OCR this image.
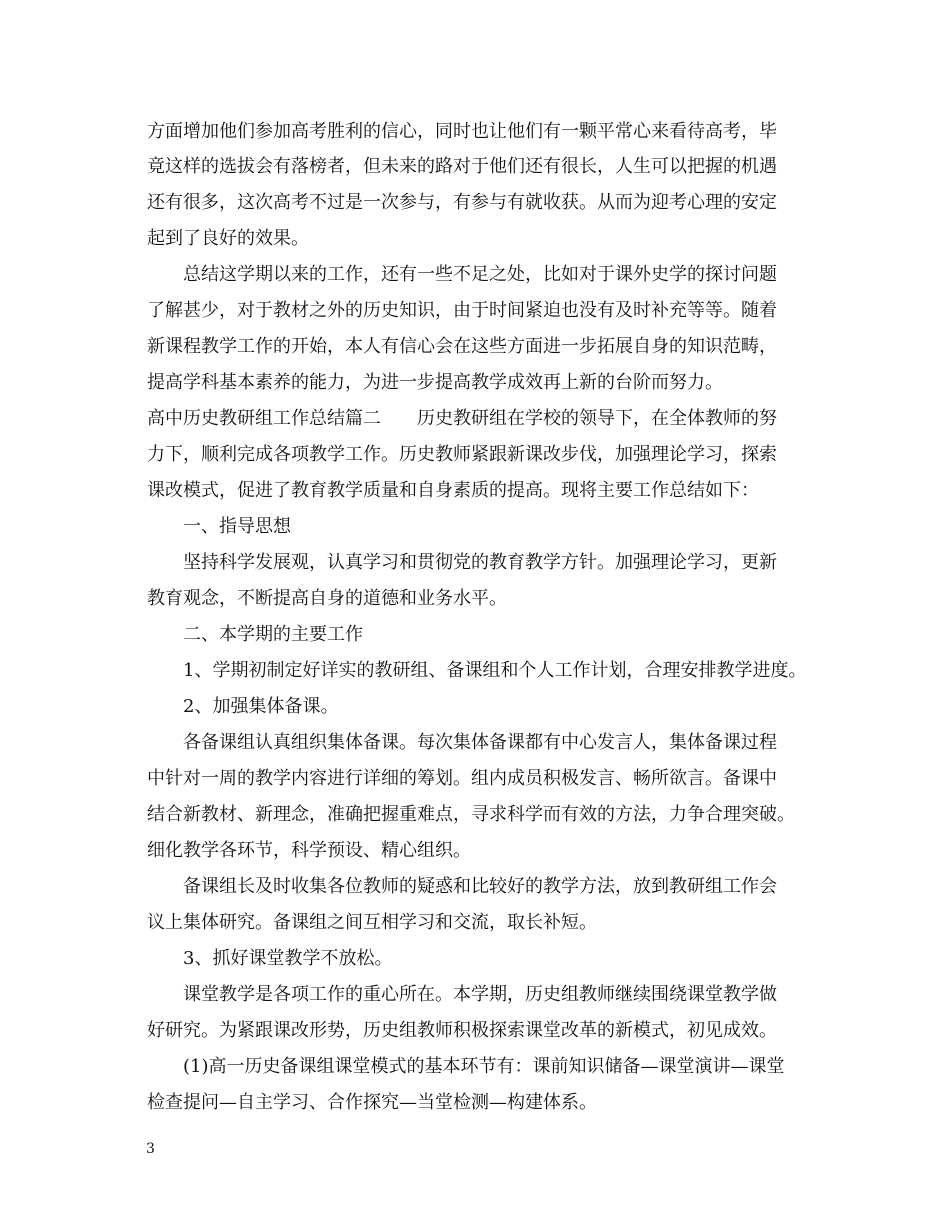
方面增加他们参加高考胜利的信心，同时也让他们有一颗平常心来看待高考，毕
竟这样的选拔会有落榜者，但未来的路对于他们还有很长，人生可以把握的机遇
还有很多，这次高考不过是一次参与，有参与有就收获。从而为迎考心理的安定
起到了良好的效果。
总结这学期以来的工作，还有一些不足之处，比如对于课外史学的探讨问题
了解甚少，对于教材之外的历史知识，由于时间紧迫也没有及时补充等等。随着
新课程教学工作的开始，本人有信心会在这些方面进一步拓展自身的知识范畴，
提高学科基本素养的能力，为进一步提高教学成效再上新的台阶而努力。
高中历史教研组工作总结篇二　　历史教研组在学校的领导下，在全体教师的努
力下，顺利完成各项教学工作。历史教师紧跟新课改步伐，加强理论学习，探索
课改模式，促进了教育教学质量和自身素质的提高。现将主要工作总结如下：
一、指导思想
坚持科学发展观，认真学习和贯彻党的教育教学方针。加强理论学习，更新
教育观念，不断提高自身的道德和业务水平。
二、本学期的主要工作
1、学期初制定好详实的教研组、备课组和个人工作计划，合理安排教学进度。
2、加强集体备课。
各备课组认真组织集体备课。每次集体备课都有中心发言人，集体备课过程
中针对一周的教学内容进行详细的筹划。组内成员积极发言、畅所欲言。备课中
结合新教材、新理念，准确把握重难点，寻求科学而有效的方法，力争合理突破。
细化教学各环节，科学预设、精心组织。
备课组长及时收集各位教师的疑惑和比较好的教学方法，放到教研组工作会
议上集体研究。备课组之间互相学习和交流，取长补短。
3、抓好课堂教学不放松。
课堂教学是各项工作的重心所在。本学期，历史组教师继续围绕课堂教学做
好研究。为紧跟课改形势，历史组教师积极探索课堂改革的新模式，初见成效。
(1)高一历史备课组课堂模式的基本环节有：课前知识储备—课堂演讲—课堂
检查提问—自主学习、合作探究—当堂检测—构建体系。
3
